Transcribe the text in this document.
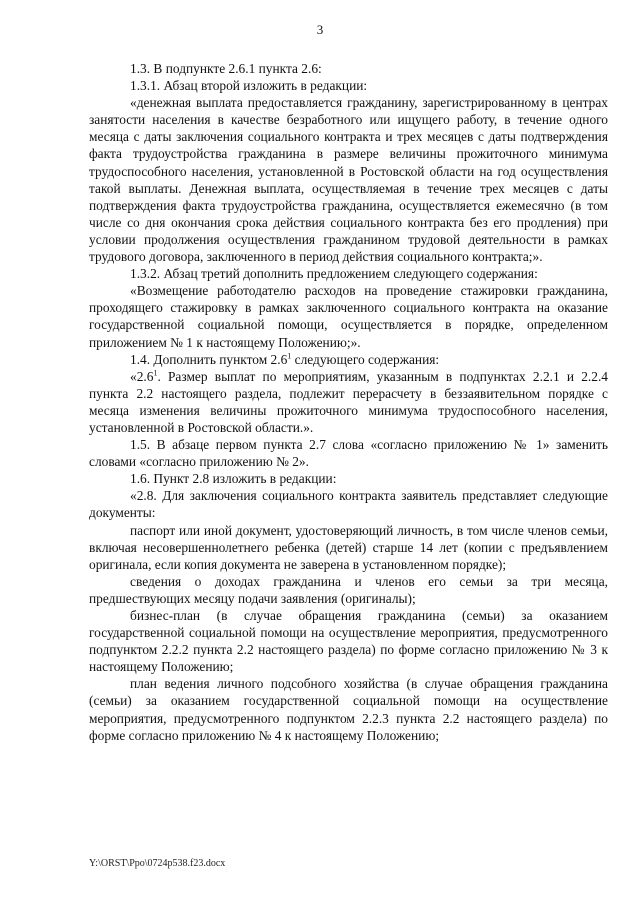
3

1.3. В подпункте 2.6.1 пункта 2.6:

1.3.1. Абзац второй изложить в редакции:

«денежная выплата предоставляется гражданину, зарегистрированному в центрах занятости населения в качестве безработного или ищущего работу, в течение одного месяца с даты заключения социального контракта и трех месяцев с даты подтверждения факта трудоустройства гражданина в размере величины прожиточного минимума трудоспособного населения, установленной в Ростовской области на год осуществления такой выплаты. Денежная выплата, осуществляемая в течение трех месяцев с даты подтверждения факта трудоустройства гражданина, осуществляется ежемесячно (в том числе со дня окончания срока действия социального контракта без его продления) при условии продолжения осуществления гражданином трудовой деятельности в рамках трудового договора, заключенного в период действия социального контракта;».

1.3.2. Абзац третий дополнить предложением следующего содержания:

«Возмещение работодателю расходов на проведение стажировки гражданина, проходящего стажировку в рамках заключенного социального контракта на оказание государственной социальной помощи, осуществляется в порядке, определенном приложением № 1 к настоящему Положению;».

1.4. Дополнить пунктом $2.6^1$ следующего содержания:

«$2.6^1$. Размер выплат по мероприятиям, указанным в подпунктах 2.2.1 и 2.2.4 пункта 2.2 настоящего раздела, подлежит перерасчету в беззаявительном порядке с месяца изменения величины прожиточного минимума трудоспособного населения, установленной в Ростовской области.».

1.5. В абзаце первом пункта 2.7 слова «согласно приложению № 1» заменить словами «согласно приложению № 2».

1.6. Пункт 2.8 изложить в редакции:

«2.8. Для заключения социального контракта заявитель представляет следующие документы:

паспорт или иной документ, удостоверяющий личность, в том числе членов семьи, включая несовершеннолетнего ребенка (детей) старше 14 лет (копии с предъявлением оригинала, если копия документа не заверена в установленном порядке);

сведения о доходах гражданина и членов его семьи за три месяца, предшествующих месяцу подачи заявления (оригиналы);

бизнес-план (в случае обращения гражданина (семьи) за оказанием государственной социальной помощи на осуществление мероприятия, предусмотренного подпунктом 2.2.2 пункта 2.2 настоящего раздела) по форме согласно приложению № 3 к настоящему Положению;

план ведения личного подсобного хозяйства (в случае обращения гражданина (семьи) за оказанием государственной социальной помощи на осуществление мероприятия, предусмотренного подпунктом 2.2.3 пункта 2.2 настоящего раздела) по форме согласно приложению № 4 к настоящему Положению;

Y:\ORST\Ppo\0724p538.f23.docx
